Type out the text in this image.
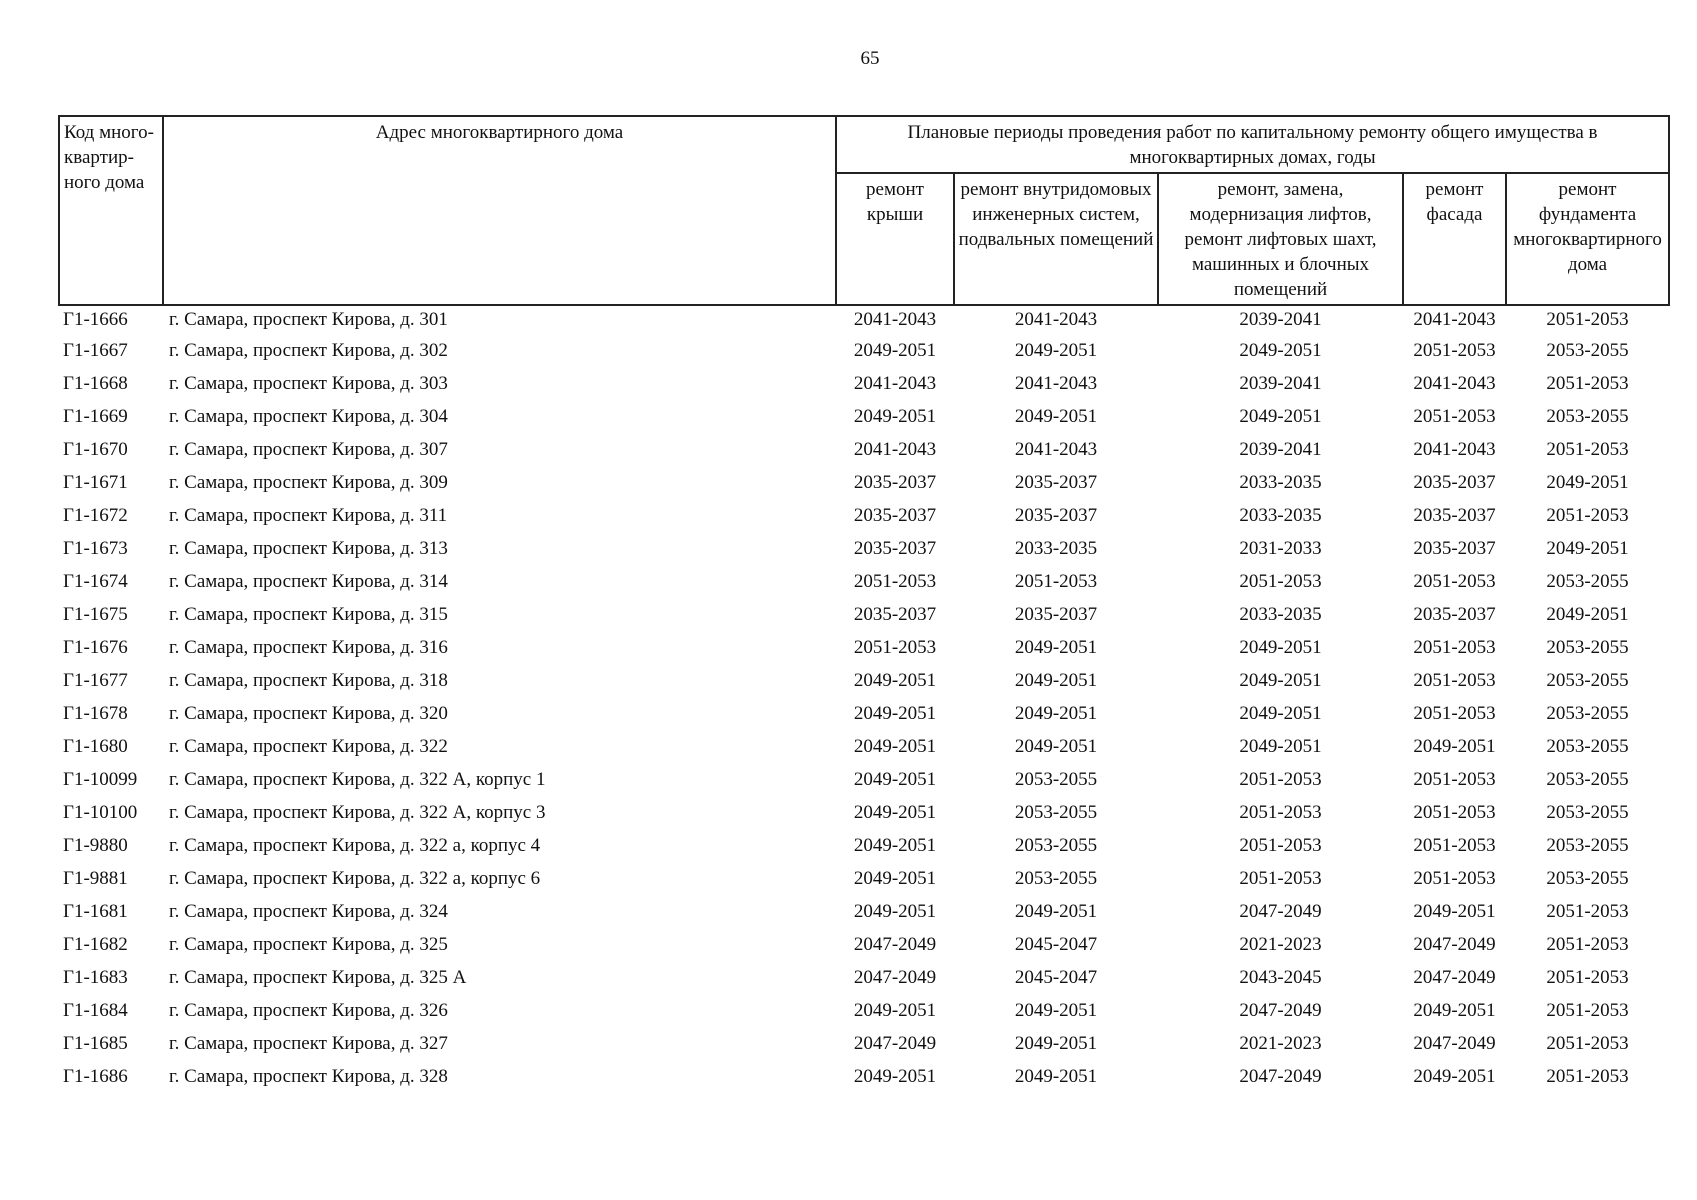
65
Код много-квартир-ного дома	Адрес многоквартирного дома	Плановые периоды проведения работ по капитальному ремонту общего имущества в многоквартирных домах, годы				
		ремонт крыши	ремонт внутридомовых инженерных систем, подвальных помещений	ремонт, замена, модернизация лифтов, ремонт лифтовых шахт, машинных и блочных помещений	ремонт фасада	ремонт фундамента многоквартирного дома
Г1-1666	г. Самара, проспект Кирова, д. 301	2041-2043	2041-2043	2039-2041	2041-2043	2051-2053
Г1-1667	г. Самара, проспект Кирова, д. 302	2049-2051	2049-2051	2049-2051	2051-2053	2053-2055
Г1-1668	г. Самара, проспект Кирова, д. 303	2041-2043	2041-2043	2039-2041	2041-2043	2051-2053
Г1-1669	г. Самара, проспект Кирова, д. 304	2049-2051	2049-2051	2049-2051	2051-2053	2053-2055
Г1-1670	г. Самара, проспект Кирова, д. 307	2041-2043	2041-2043	2039-2041	2041-2043	2051-2053
Г1-1671	г. Самара, проспект Кирова, д. 309	2035-2037	2035-2037	2033-2035	2035-2037	2049-2051
Г1-1672	г. Самара, проспект Кирова, д. 311	2035-2037	2035-2037	2033-2035	2035-2037	2051-2053
Г1-1673	г. Самара, проспект Кирова, д. 313	2035-2037	2033-2035	2031-2033	2035-2037	2049-2051
Г1-1674	г. Самара, проспект Кирова, д. 314	2051-2053	2051-2053	2051-2053	2051-2053	2053-2055
Г1-1675	г. Самара, проспект Кирова, д. 315	2035-2037	2035-2037	2033-2035	2035-2037	2049-2051
Г1-1676	г. Самара, проспект Кирова, д. 316	2051-2053	2049-2051	2049-2051	2051-2053	2053-2055
Г1-1677	г. Самара, проспект Кирова, д. 318	2049-2051	2049-2051	2049-2051	2051-2053	2053-2055
Г1-1678	г. Самара, проспект Кирова, д. 320	2049-2051	2049-2051	2049-2051	2051-2053	2053-2055
Г1-1680	г. Самара, проспект Кирова, д. 322	2049-2051	2049-2051	2049-2051	2049-2051	2053-2055
Г1-10099	г. Самара, проспект Кирова, д. 322 А, корпус 1	2049-2051	2053-2055	2051-2053	2051-2053	2053-2055
Г1-10100	г. Самара, проспект Кирова, д. 322 А, корпус 3	2049-2051	2053-2055	2051-2053	2051-2053	2053-2055
Г1-9880	г. Самара, проспект Кирова, д. 322 а, корпус 4	2049-2051	2053-2055	2051-2053	2051-2053	2053-2055
Г1-9881	г. Самара, проспект Кирова, д. 322 а, корпус 6	2049-2051	2053-2055	2051-2053	2051-2053	2053-2055
Г1-1681	г. Самара, проспект Кирова, д. 324	2049-2051	2049-2051	2047-2049	2049-2051	2051-2053
Г1-1682	г. Самара, проспект Кирова, д. 325	2047-2049	2045-2047	2021-2023	2047-2049	2051-2053
Г1-1683	г. Самара, проспект Кирова, д. 325 А	2047-2049	2045-2047	2043-2045	2047-2049	2051-2053
Г1-1684	г. Самара, проспект Кирова, д. 326	2049-2051	2049-2051	2047-2049	2049-2051	2051-2053
Г1-1685	г. Самара, проспект Кирова, д. 327	2047-2049	2049-2051	2021-2023	2047-2049	2051-2053
Г1-1686	г. Самара, проспект Кирова, д. 328	2049-2051	2049-2051	2047-2049	2049-2051	2051-2053
